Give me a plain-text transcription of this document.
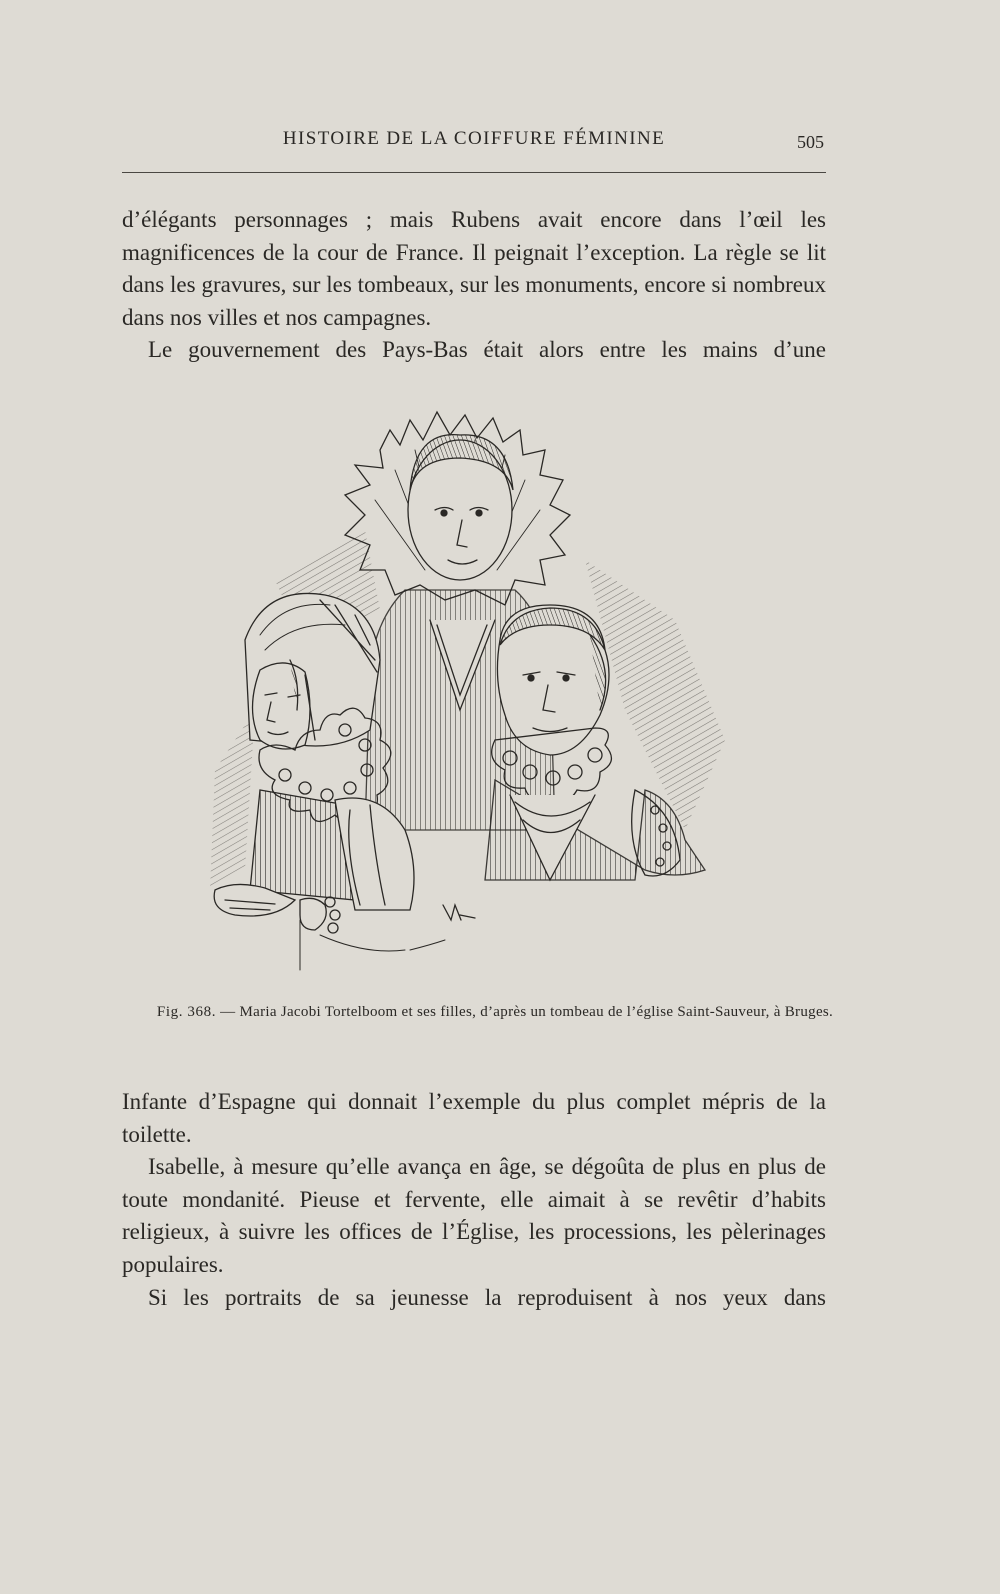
HISTOIRE DE LA COIFFURE FÉMININE	505

d’élégants personnages ; mais Rubens avait encore dans l’œil les magnificences de la cour de France. Il peignait l’exception. La règle se lit dans les gravures, sur les tombeaux, sur les monuments, encore si nombreux dans nos villes et nos campagnes.

Le gouvernement des Pays-Bas était alors entre les mains d’une

Fig. 368. — Maria Jacobi Tortelboom et ses filles, d’après un tombeau de l’église Saint-Sauveur, à Bruges.

Infante d’Espagne qui donnait l’exemple du plus complet mépris de la toilette.

Isabelle, à mesure qu’elle avança en âge, se dégoûta de plus en plus de toute mondanité. Pieuse et fervente, elle aimait à se revêtir d’habits religieux, à suivre les offices de l’Église, les processions, les pèlerinages populaires.

Si les portraits de sa jeunesse la reproduisent à nos yeux dans
